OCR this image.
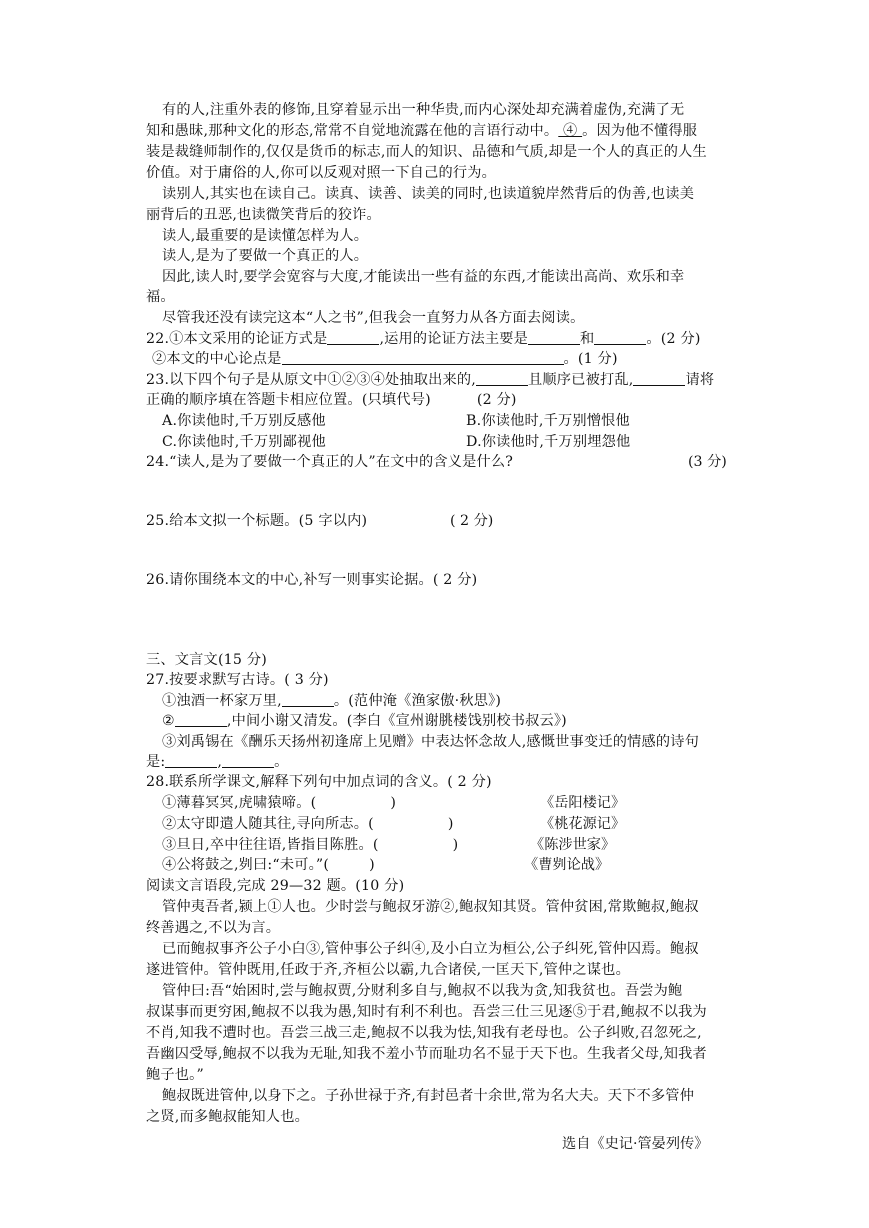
有的人,注重外表的修饰,且穿着显示出一种华贵,而内心深处却充满着虚伪,充满了无
知和愚昧,那种文化的形态,常常不自觉地流露在他的言语行动中。 ④ 。因为他不懂得服
装是裁缝师制作的,仅仅是货币的标志,而人的知识、品德和气质,却是一个人的真正的人生
价值。对于庸俗的人,你可以反观对照一下自己的行为。
读别人,其实也在读自己。读真、读善、读美的同时,也读道貌岸然背后的伪善,也读美
丽背后的丑恶,也读微笑背后的狡诈。
读人,最重要的是读懂怎样为人。
读人,是为了要做一个真正的人。
因此,读人时,要学会宽容与大度,才能读出一些有益的东西,才能读出高尚、欢乐和幸
福。
尽管我还没有读完这本“人之书”,但我会一直努力从各方面去阅读。
22.①本文采用的论证方式是	,运用的论证方法主要是	和	。(2 分)
②本文的中心论点是	。(1 分)
23.以下四个句子是从原文中①②③④处抽取出来的,	且顺序已被打乱,	请将
正确的顺序填在答题卡相应位置。(只填代号)	(2 分)
A.你读他时,千万别反感他	B.你读他时,千万别憎恨他
C.你读他时,千万别鄙视他	D.你读他时,千万别埋怨他
24.“读人,是为了要做一个真正的人”在文中的含义是什么?	(3 分)
25.给本文拟一个标题。(5 字以内)	( 2 分)
26.请你围绕本文的中心,补写一则事实论据。( 2 分)
三、文言文(15 分)
27.按要求默写古诗。( 3 分)
①浊酒一杯家万里,	。(范仲淹《渔家傲·秋思》)
②	,中间小谢又清发。(李白《宣州谢朓楼饯别校书叔云》)
③刘禹锡在《酬乐天扬州初逢席上见赠》中表达怀念故人,感慨世事变迁的情感的诗句
是:	,	。
28.联系所学课文,解释下列句中加点词的含义。( 2 分)
①薄暮冥冥,虎啸猿啼。(	)	《岳阳楼记》
②太守即遣人随其往,寻向所志。(	)	《桃花源记》
③旦日,卒中往往语,皆指目陈胜。(	)	《陈涉世家》
④公将鼓之,刿曰:“未可。”(	)	《曹刿论战》
阅读文言语段,完成 29—32 题。(10 分)
管仲夷吾者,颍上①人也。少时尝与鲍叔牙游②,鲍叔知其贤。管仲贫困,常欺鲍叔,鲍叔
终善遇之,不以为言。
已而鲍叔事齐公子小白③,管仲事公子纠④,及小白立为桓公,公子纠死,管仲囚焉。鲍叔
遂进管仲。管仲既用,任政于齐,齐桓公以霸,九合诸侯,一匡天下,管仲之谋也。
管仲曰:吾“始困时,尝与鲍叔贾,分财利多自与,鲍叔不以我为贪,知我贫也。吾尝为鲍
叔谋事而更穷困,鲍叔不以我为愚,知时有利不利也。吾尝三仕三见逐⑤于君,鲍叔不以我为
不肖,知我不遭时也。吾尝三战三走,鲍叔不以我为怯,知我有老母也。公子纠败,召忽死之,
吾幽囚受辱,鲍叔不以我为无耻,知我不羞小节而耻功名不显于天下也。生我者父母,知我者
鲍子也。”
鲍叔既进管仲,以身下之。子孙世禄于齐,有封邑者十余世,常为名大夫。天下不多管仲
之贤,而多鲍叔能知人也。
选自《史记·管晏列传》
